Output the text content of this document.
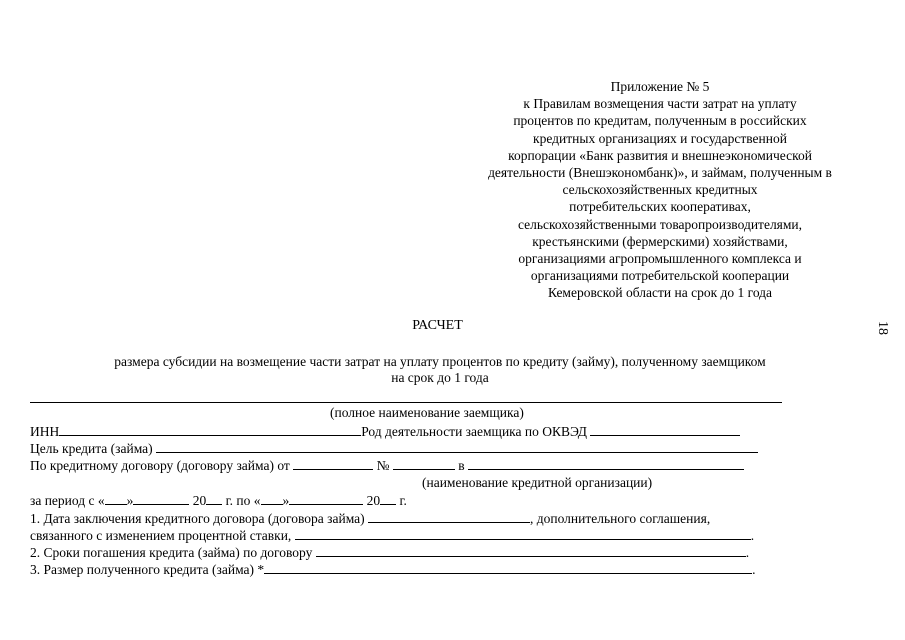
Приложение № 5
к Правилам возмещения части затрат на уплату
процентов по кредитам, полученным в российских
кредитных организациях и государственной
корпорации «Банк развития и внешнеэкономической
деятельности (Внешэкономбанк)», и займам, полученным в
сельскохозяйственных кредитных
потребительских кооперативах,
сельскохозяйственными товаропроизводителями,
крестьянскими (фермерскими) хозяйствами,
организациями агропромышленного комплекса и
организациями потребительской кооперации
Кемеровской области на срок до 1 года
18
РАСЧЕТ
размера субсидии на возмещение части затрат на уплату процентов по кредиту (займу), полученному заемщиком
на срок до 1 года
(полное наименование заемщика)
ИНН	Род деятельности заемщика по ОКВЭД
Цель кредита (займа)
По кредитному договору (договору займа) от	№	в
(наименование кредитной организации)
за период с « »	20 г. по « »	20 г.
1. Дата заключения кредитного договора (договора займа)	, дополнительного соглашения,
связанного с изменением процентной ставки,	.
2. Сроки погашения кредита (займа) по договору	.
3. Размер полученного кредита (займа) *	.
